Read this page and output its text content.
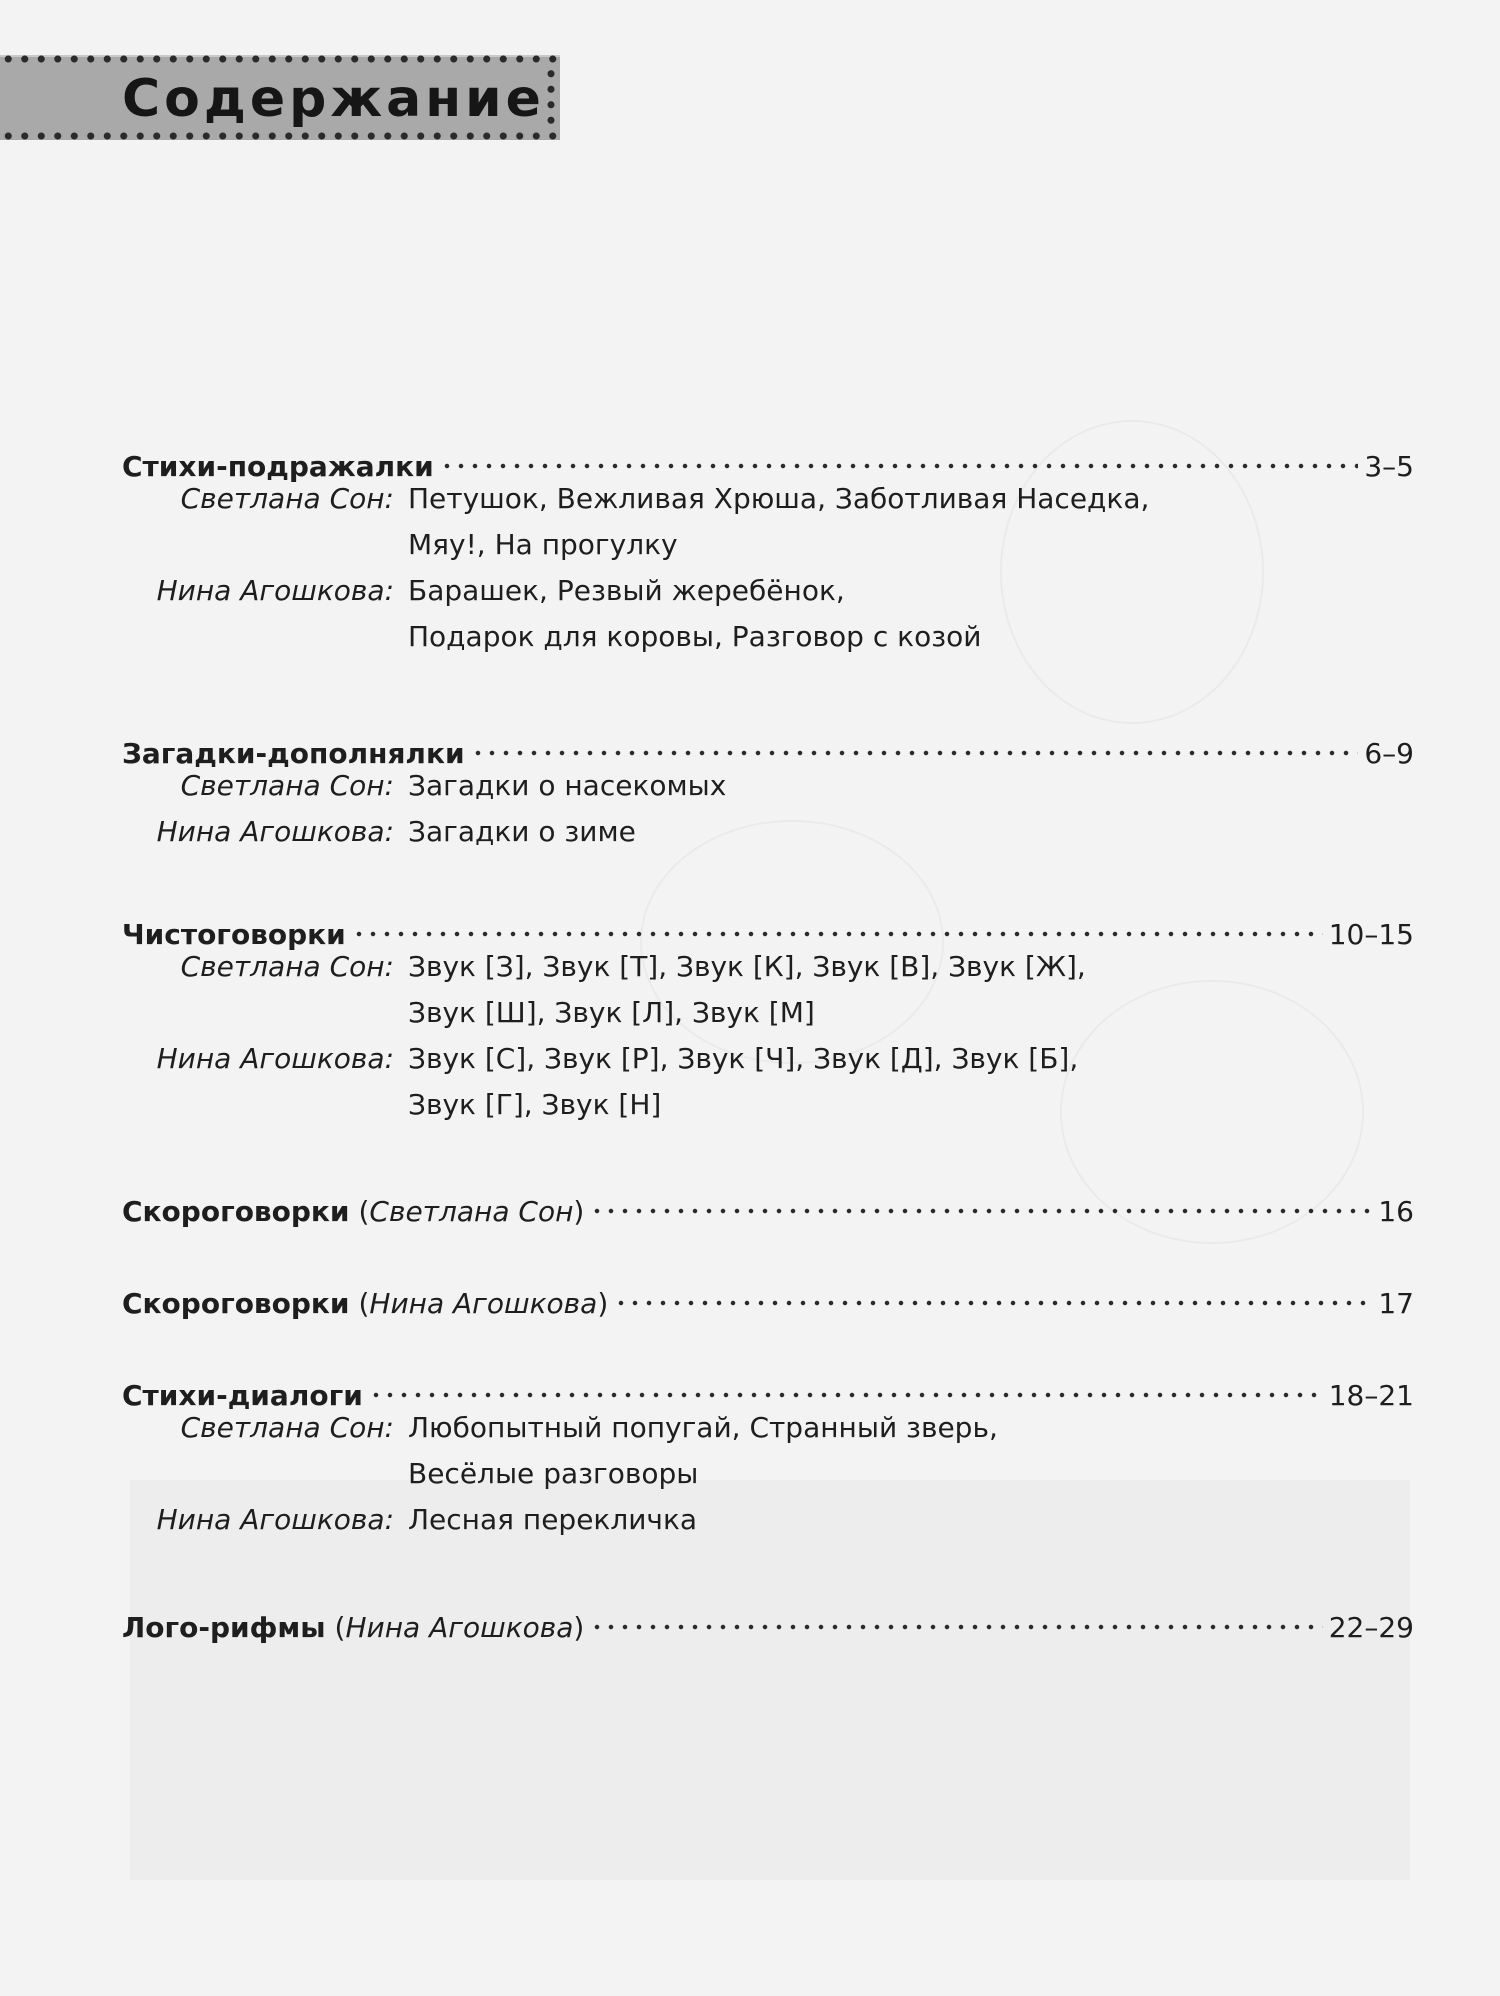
Содержание
Стихи-подражалки	3–5
Светлана Сон: Петушок, Вежливая Хрюша, Заботливая Наседка,
Мяу!, На прогулку
Нина Агошкова: Барашек, Резвый жеребёнок,
Подарок для коровы, Разговор с козой
Загадки-дополнялки	6–9
Светлана Сон: Загадки о насекомых
Нина Агошкова: Загадки о зиме
Чистоговорки	10–15
Светлана Сон: Звук [З], Звук [Т], Звук [К], Звук [В], Звук [Ж],
Звук [Ш], Звук [Л], Звук [М]
Нина Агошкова: Звук [С], Звук [Р], Звук [Ч], Звук [Д], Звук [Б],
Звук [Г], Звук [Н]
Скороговорки (Светлана Сон)	16
Скороговорки (Нина Агошкова)	17
Стихи-диалоги	18–21
Светлана Сон: Любопытный попугай, Странный зверь,
Весёлые разговоры
Нина Агошкова: Лесная перекличка
Лого-рифмы (Нина Агошкова)	22–29
